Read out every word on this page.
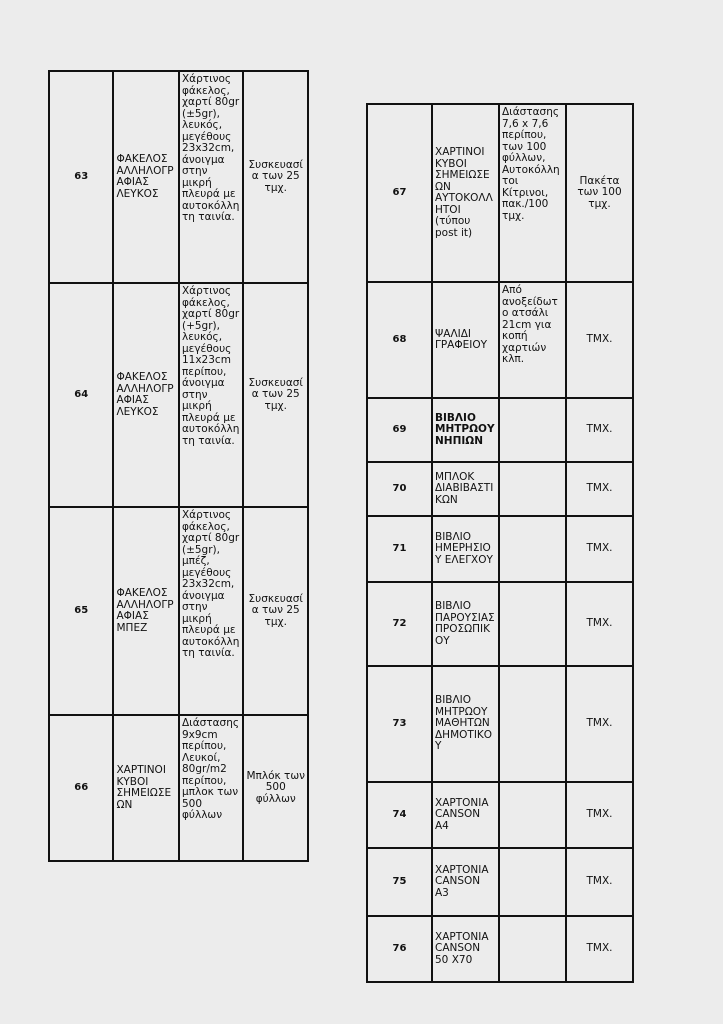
63	ΦΑΚΕΛΟΣ ΑΛΛΗΛΟΓΡΑΦΙΑΣ ΛΕΥΚΟΣ	Χάρτινος φάκελος, χαρτί 80gr (±5gr), λευκός, μεγέθους 23x32cm, άνοιγμα στην μικρή πλευρά με αυτοκόλλητη ταινία.	Συσκευασία των 25 τμχ.
64	ΦΑΚΕΛΟΣ ΑΛΛΗΛΟΓΡΑΦΙΑΣ ΛΕΥΚΟΣ	Χάρτινος φάκελος, χαρτί 80gr (+5gr), λευκός, μεγέθους 11x23cm περίπου, άνοιγμα στην μικρή πλευρά με αυτοκόλλητη ταινία.	Συσκευασία των 25 τμχ.
65	ΦΑΚΕΛΟΣ ΑΛΛΗΛΟΓΡΑΦΙΑΣ ΜΠΕΖ	Χάρτινος φάκελος, χαρτί 80gr (±5gr), μπέζ, μεγέθους 23x32cm, άνοιγμα στην μικρή πλευρά με αυτοκόλλητη ταινία.	Συσκευασία των 25 τμχ.
66	ΧΑΡΤΙΝΟΙ ΚΥΒΟΙ ΣΗΜΕΙΩΣΕΩΝ	Διάστασης 9x9cm περίπου, Λευκοί, 80gr/m2 περίπου, μπλοκ των 500 φύλλων	Μπλόκ των 500 φύλλων
67	ΧΑΡΤΙΝΟΙ ΚΥΒΟΙ ΣΗΜΕΙΩΣΕΩΝ ΑΥΤΟΚΟΛΛΗΤΟΙ (τύπου post it)	Διάστασης 7,6 x 7,6 περίπου, των 100 φύλλων, Αυτοκόλλητοι Κίτρινοι, πακ./100 τμχ.	Πακέτα των 100 τμχ.
68	ΨΑΛΙΔΙ ΓΡΑΦΕΙΟΥ	Από ανοξείδωτο ατσάλι 21cm για κοπή χαρτιών κλπ.	ΤΜΧ.
69	ΒΙΒΛΙΟ ΜΗΤΡΩΟΥ ΝΗΠΙΩΝ		ΤΜΧ.
70	ΜΠΛΟΚ ΔΙΑΒΙΒΑΣΤΙΚΩΝ		ΤΜΧ.
71	ΒΙΒΛΙΟ ΗΜΕΡΗΣΙΟΥ ΕΛΕΓΧΟΥ		ΤΜΧ.
72	ΒΙΒΛΙΟ ΠΑΡΟΥΣΙΑΣ ΠΡΟΣΩΠΙΚΟΥ		ΤΜΧ.
73	ΒΙΒΛΙΟ ΜΗΤΡΩΟΥ ΜΑΘΗΤΩΝ ΔΗΜΟΤΙΚΟΥ		ΤΜΧ.
74	ΧΑΡΤΟΝΙΑ CANSON Α4		ΤΜΧ.
75	ΧΑΡΤΟΝΙΑ CANSON Α3		ΤΜΧ.
76	ΧΑΡΤΟΝΙΑ CANSON 50 Χ70		ΤΜΧ.
